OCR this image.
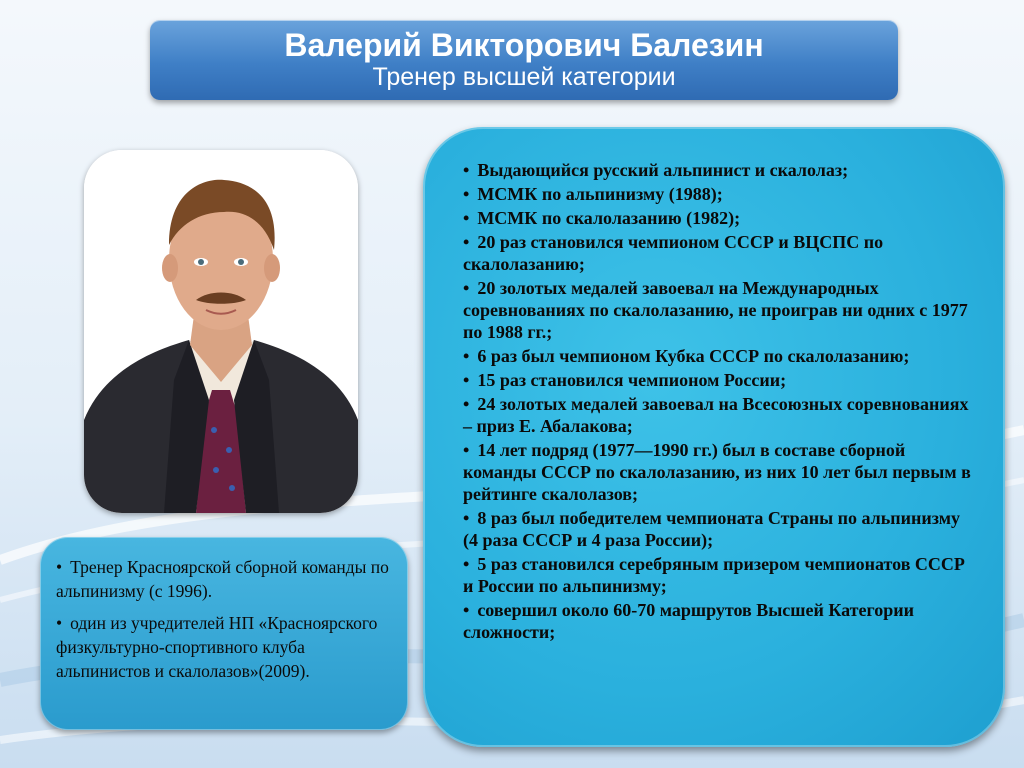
Валерий Викторович Балезин
Тренер высшей категории

• Тренер Красноярской сборной команды по альпинизму (с 1996).

• один из учредителей НП «Красноярского физкультурно-спортивного клуба альпинистов и скалолазов»(2009).

• Выдающийся русский альпинист и скалолаз;
• МСМК по альпинизму (1988);
• МСМК по скалолазанию (1982);
• 20 раз становился чемпионом СССР и ВЦСПС по скалолазанию;
• 20 золотых медалей завоевал на Международных соревнованиях по скалолазанию, не проиграв ни одних с 1977 по 1988 гг.;
• 6 раз был чемпионом Кубка СССР по скалолазанию;
• 15 раз становился чемпионом России;
• 24 золотых медалей завоевал на Всесоюзных соревнованиях – приз Е. Абалакова;
• 14 лет подряд (1977—1990 гг.) был в составе сборной команды СССР по скалолазанию, из них 10 лет был первым в рейтинге скалолазов;
• 8 раз был победителем чемпионата Страны по альпинизму (4 раза СССР и 4 раза России);
• 5 раз становился серебряным призером чемпионатов СССР и России по альпинизму;
• совершил около 60-70 маршрутов Высшей Категории сложности;
